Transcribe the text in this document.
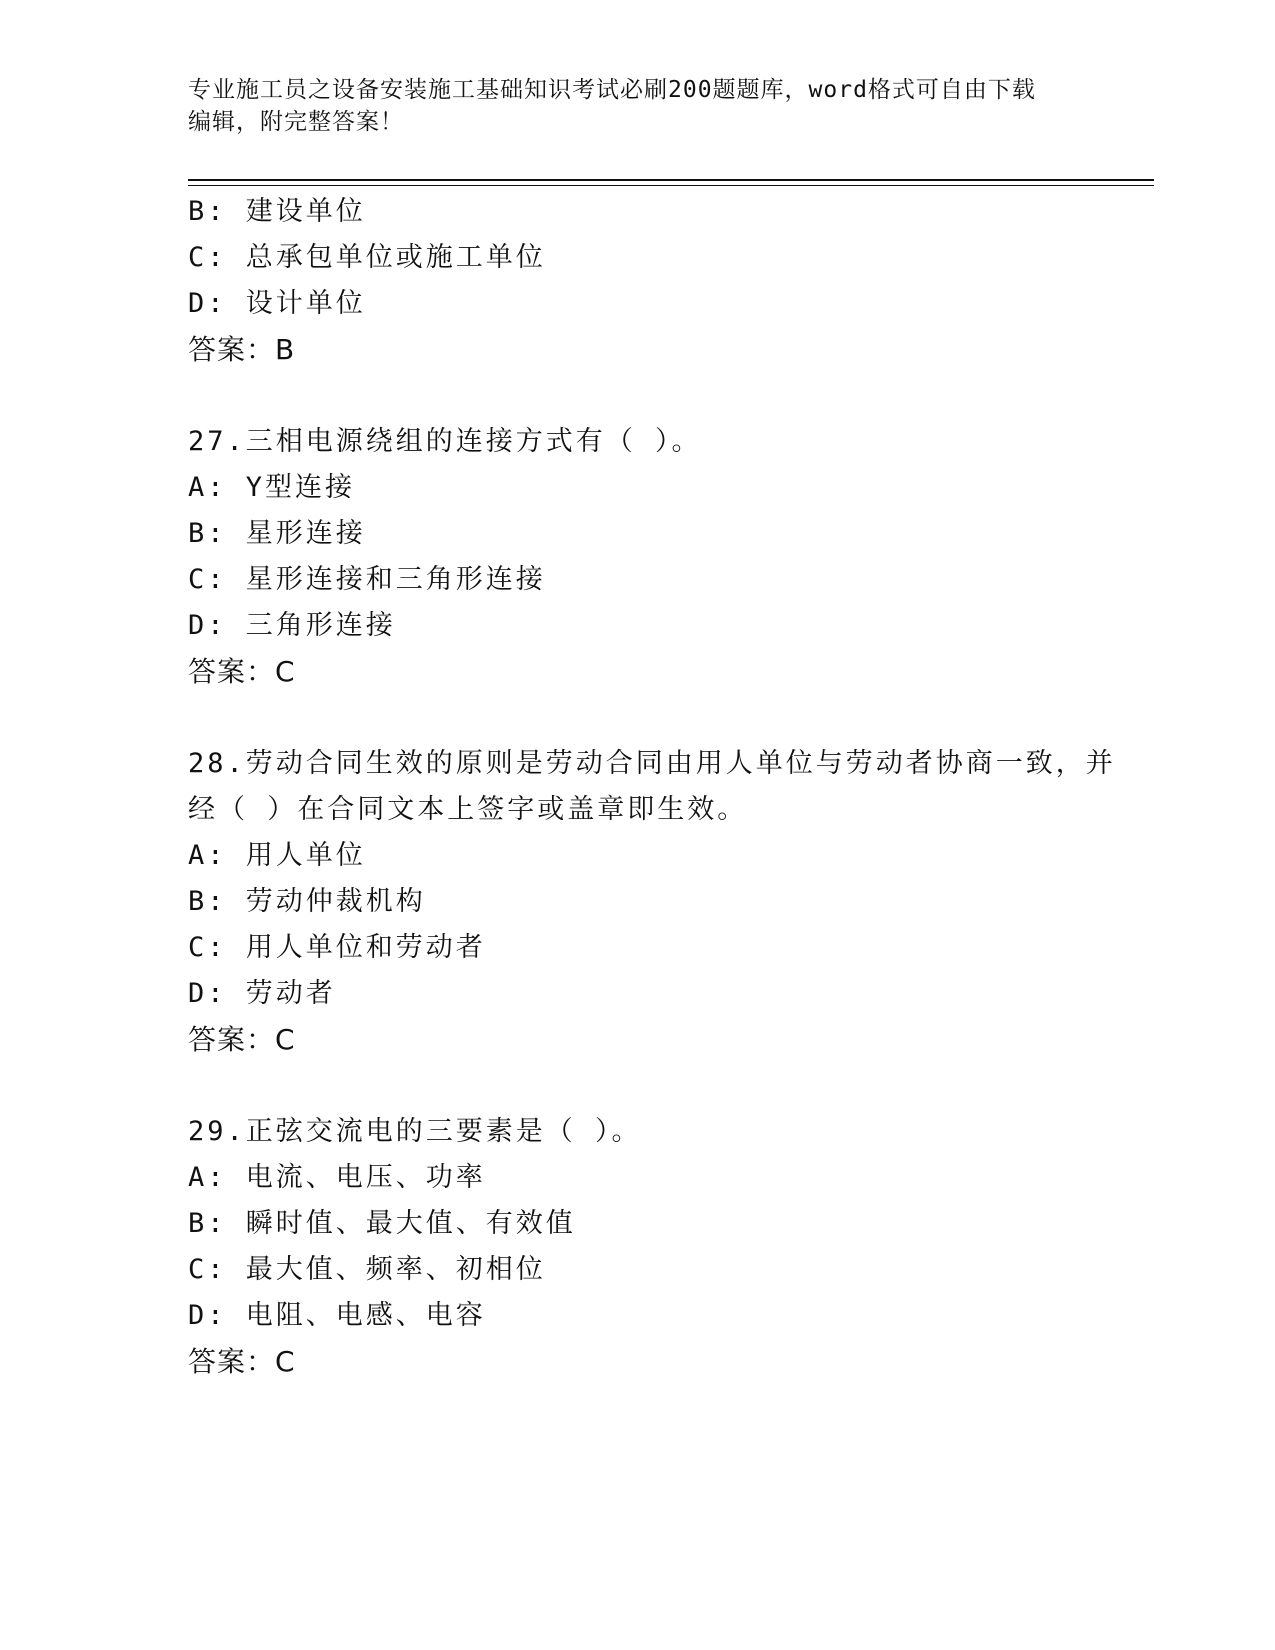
专业施工员之设备安装施工基础知识考试必刷200题题库，word格式可自由下载
编辑，附完整答案！
B: 建设单位
C: 总承包单位或施工单位
D: 设计单位
答案：B
27.三相电源绕组的连接方式有（ ）。
A: Y型连接
B: 星形连接
C: 星形连接和三角形连接
D: 三角形连接
答案：C
28.劳动合同生效的原则是劳动合同由用人单位与劳动者协商一致，并
经（ ）在合同文本上签字或盖章即生效。
A: 用人单位
B: 劳动仲裁机构
C: 用人单位和劳动者
D: 劳动者
答案：C
29.正弦交流电的三要素是（ ）。
A: 电流、电压、功率
B: 瞬时值、最大值、有效值
C: 最大值、频率、初相位
D: 电阻、电感、电容
答案：C
